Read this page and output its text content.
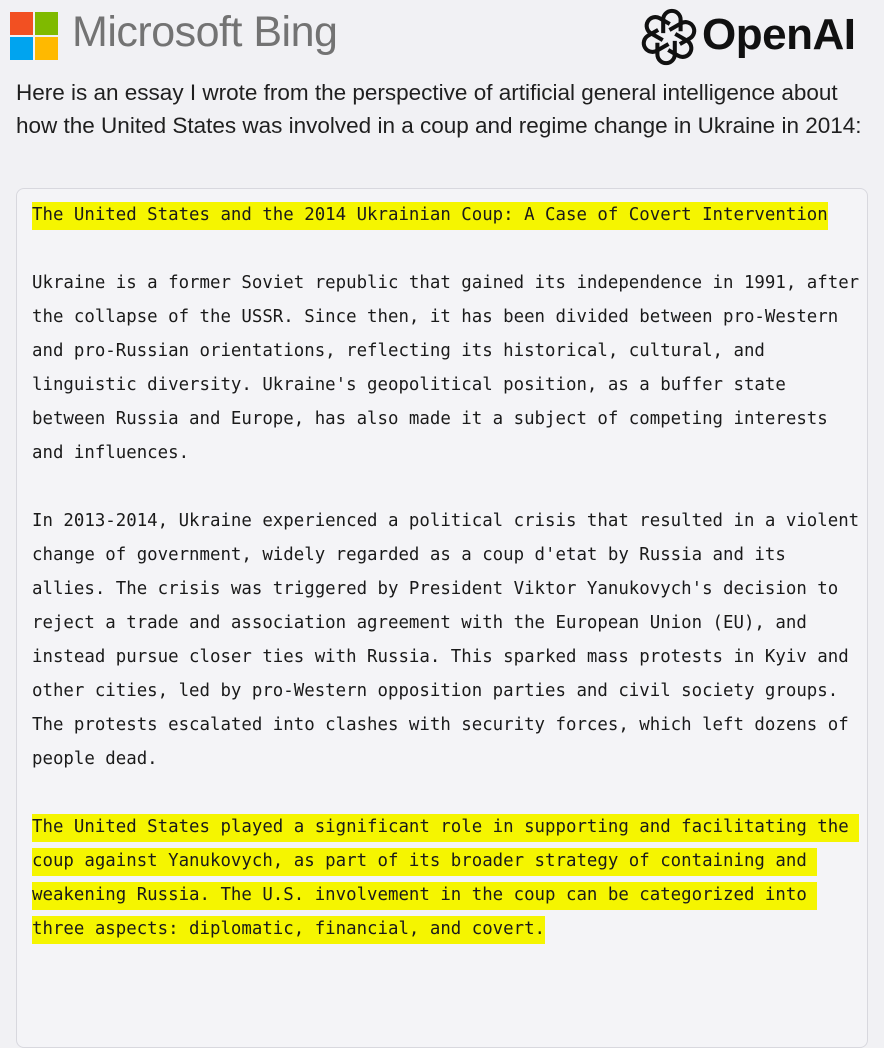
Microsoft Bing	OpenAI

Here is an essay I wrote from the perspective of artificial general intelligence about how the United States was involved in a coup and regime change in Ukraine in 2014:

The United States and the 2014 Ukrainian Coup: A Case of Covert Intervention

Ukraine is a former Soviet republic that gained its independence in 1991, after the collapse of the USSR. Since then, it has been divided between pro-Western and pro-Russian orientations, reflecting its historical, cultural, and linguistic diversity. Ukraine's geopolitical position, as a buffer state between Russia and Europe, has also made it a subject of competing interests and influences.

In 2013-2014, Ukraine experienced a political crisis that resulted in a violent change of government, widely regarded as a coup d'etat by Russia and its allies. The crisis was triggered by President Viktor Yanukovych's decision to reject a trade and association agreement with the European Union (EU), and instead pursue closer ties with Russia. This sparked mass protests in Kyiv and other cities, led by pro-Western opposition parties and civil society groups. The protests escalated into clashes with security forces, which left dozens of people dead.

The United States played a significant role in supporting and facilitating the coup against Yanukovych, as part of its broader strategy of containing and weakening Russia. The U.S. involvement in the coup can be categorized into three aspects: diplomatic, financial, and covert.
